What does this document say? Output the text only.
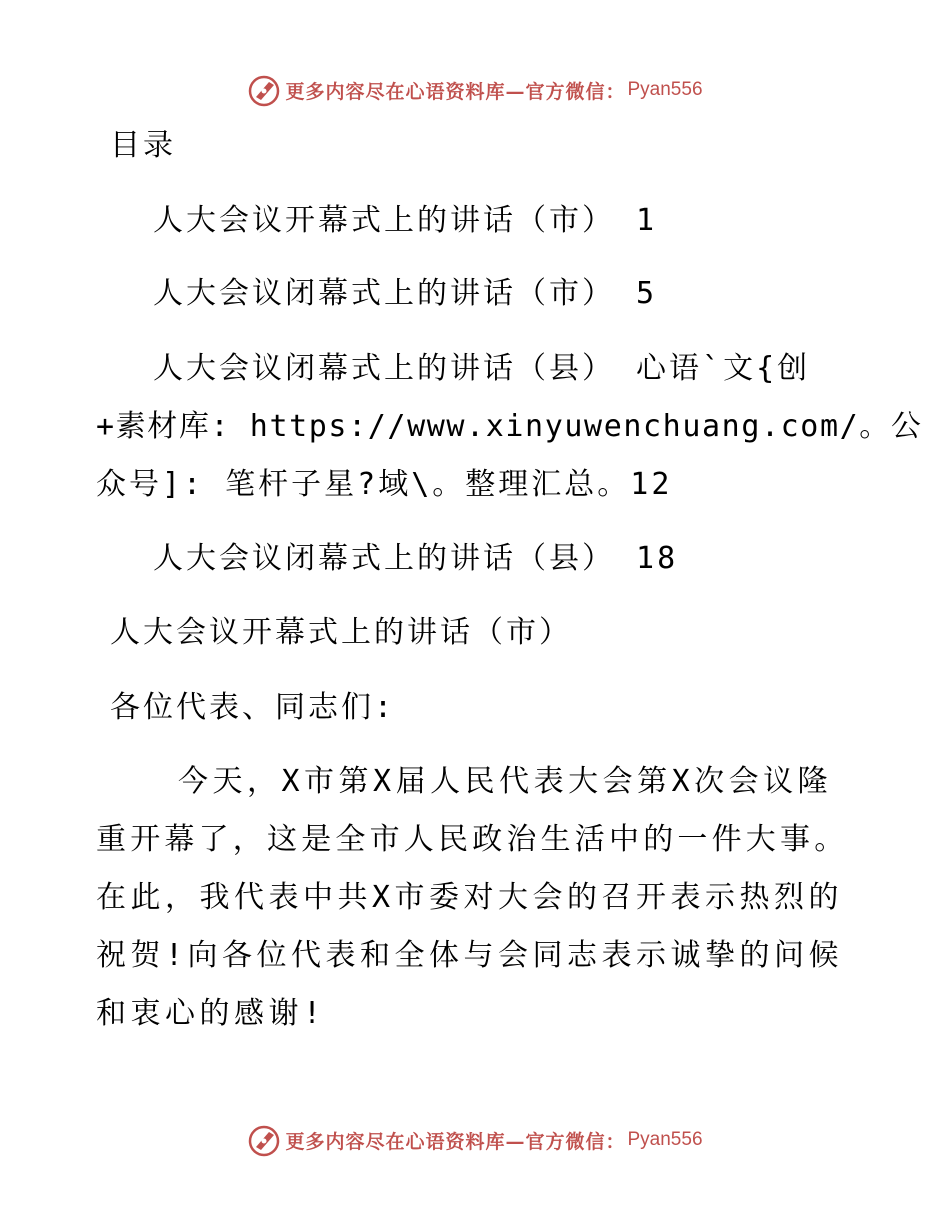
更多内容尽在心语资料库—官方微信： Pyan556
目录
人大会议开幕式上的讲话（市） 1
人大会议闭幕式上的讲话（市） 5
人大会议闭幕式上的讲话（县） 心语`文{创
+素材库: https://www.xinyuwenchuang.com/。公
众号]: 笔杆子星?域\。整理汇总。12
人大会议闭幕式上的讲话（县） 18
人大会议开幕式上的讲话（市）
各位代表、同志们:
今天，X市第X届人民代表大会第X次会议隆
重开幕了，这是全市人民政治生活中的一件大事。
在此，我代表中共X市委对大会的召开表示热烈的
祝贺!向各位代表和全体与会同志表示诚挚的问候
和衷心的感谢!
更多内容尽在心语资料库—官方微信： Pyan556
